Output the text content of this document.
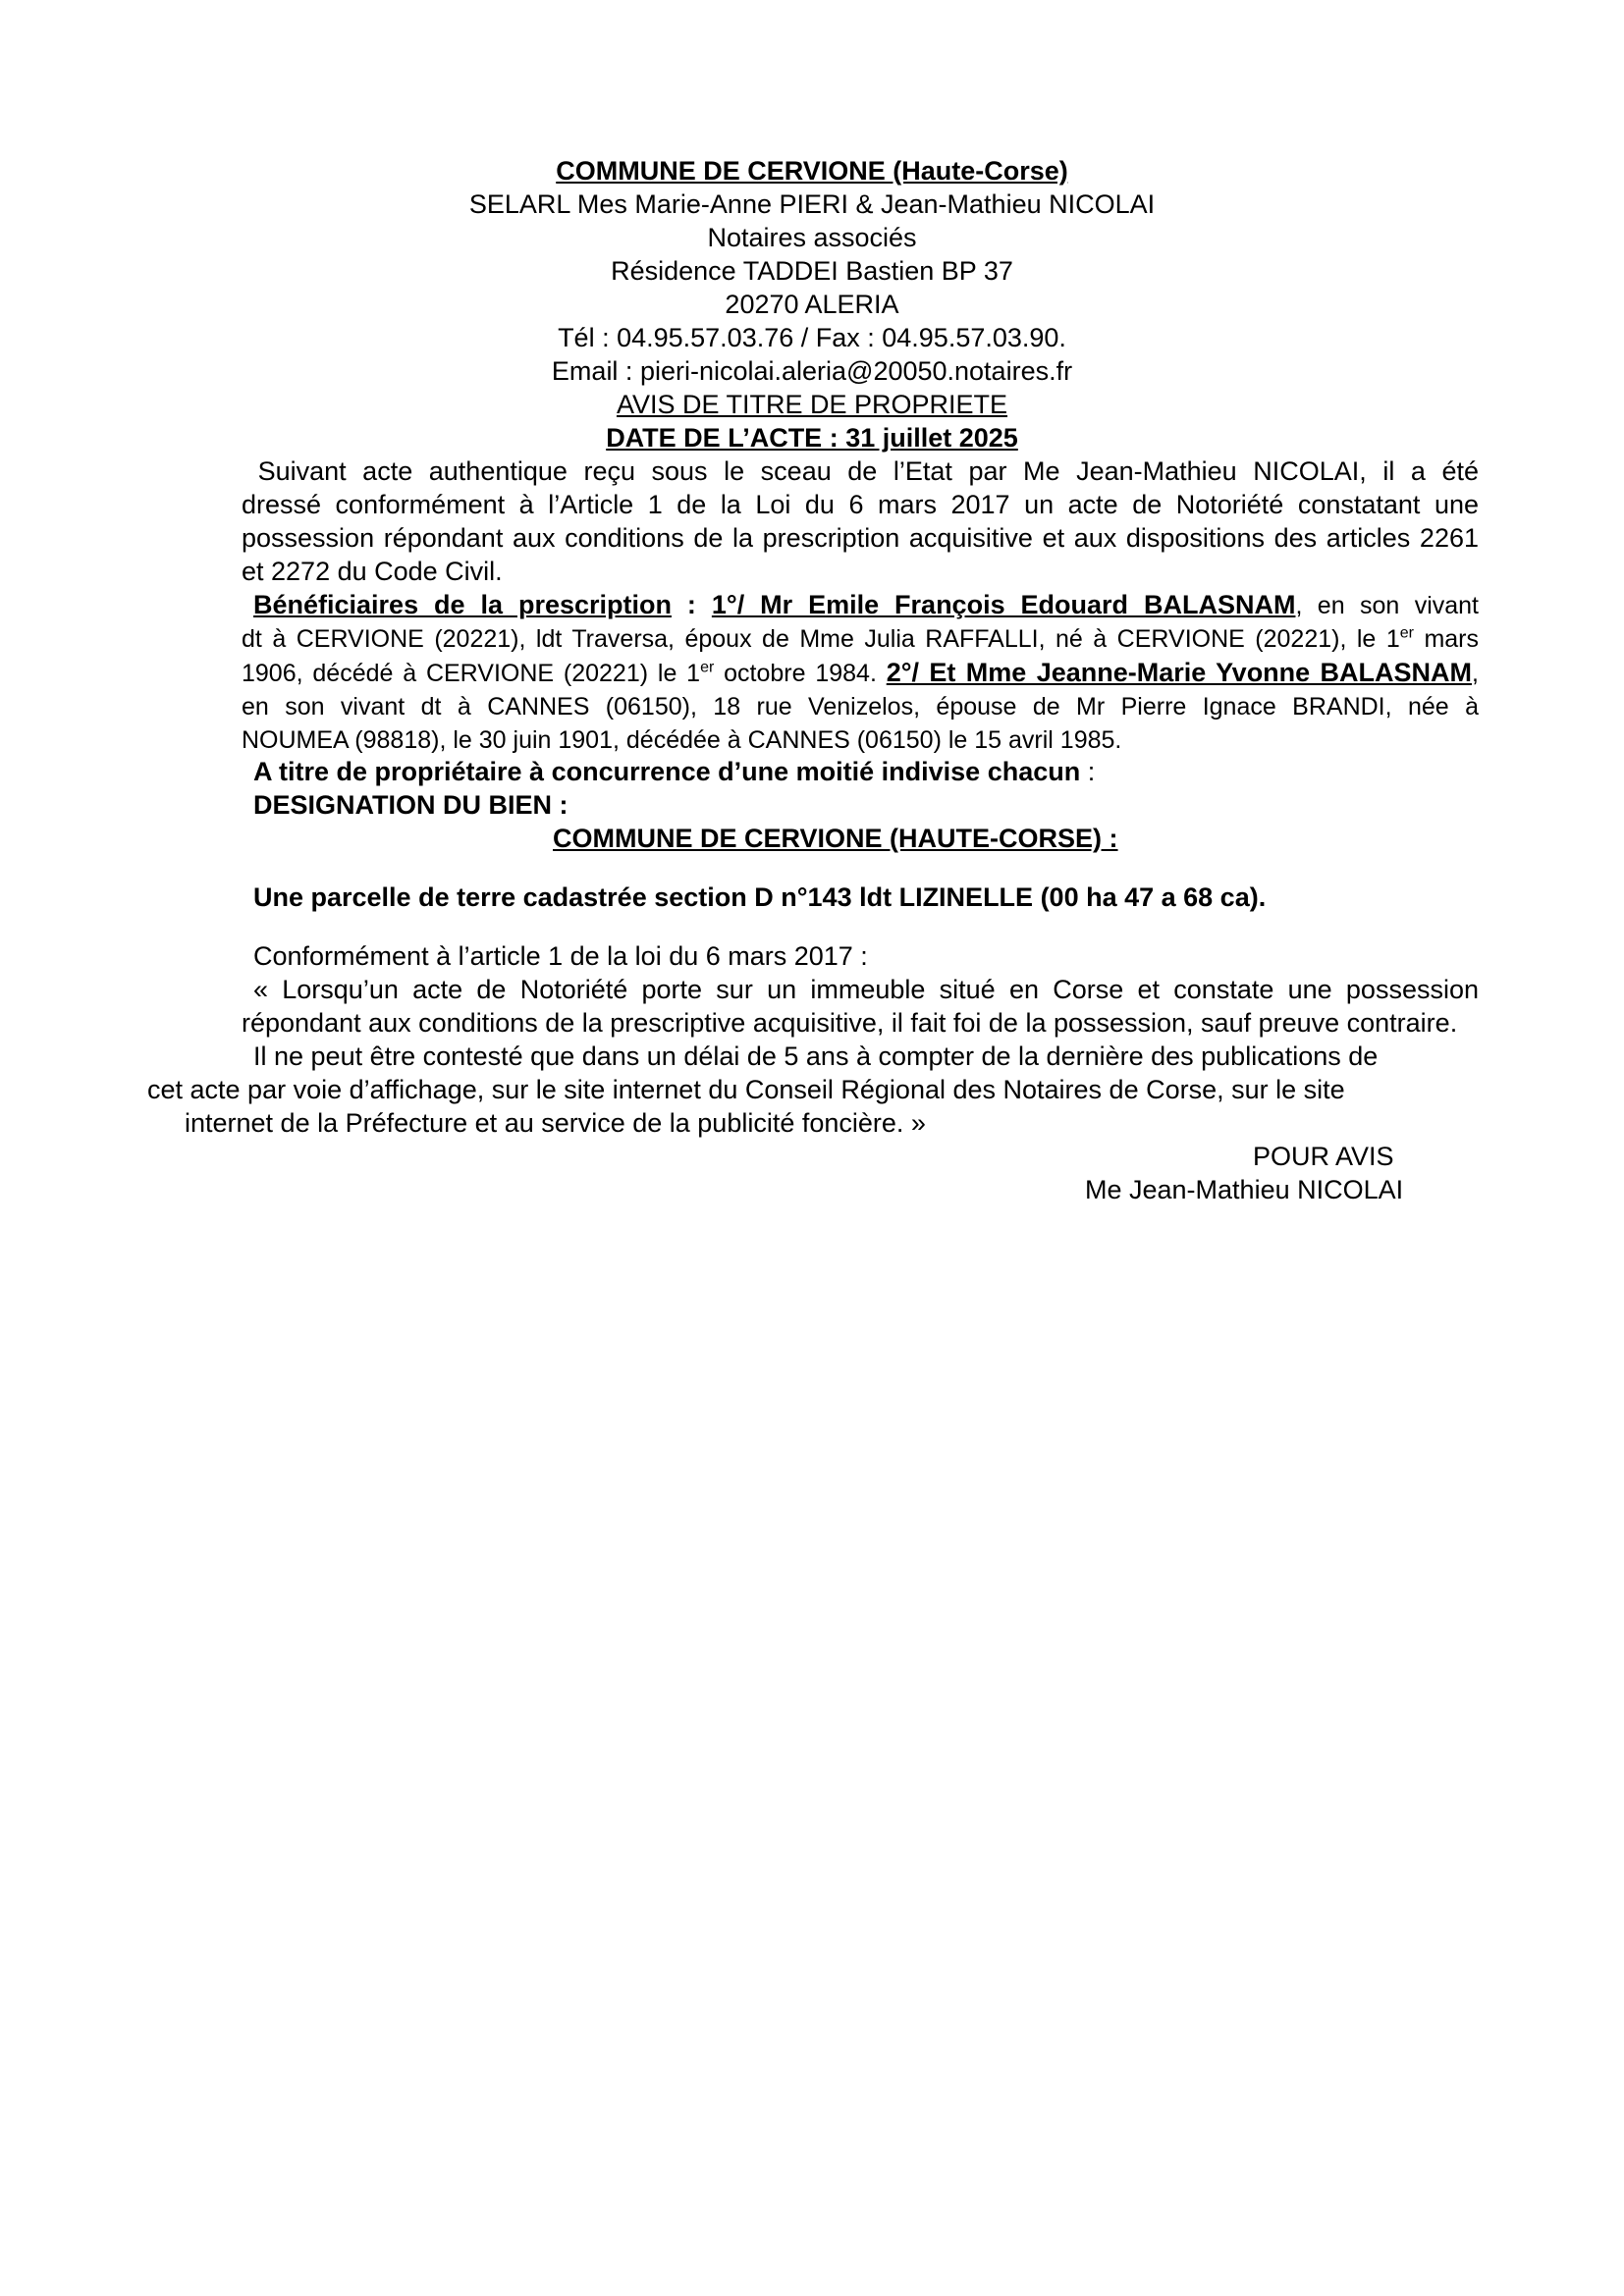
COMMUNE DE CERVIONE (Haute-Corse)
SELARL Mes Marie-Anne PIERI & Jean-Mathieu NICOLAI
Notaires associés
Résidence TADDEI Bastien BP 37
20270 ALERIA
Tél : 04.95.57.03.76 / Fax : 04.95.57.03.90.
Email : pieri-nicolai.aleria@20050.notaires.fr
AVIS DE TITRE DE PROPRIETE
DATE DE L’ACTE : 31 juillet 2025
Suivant acte authentique reçu sous le sceau de l’Etat par Me Jean-Mathieu NICOLAI, il a été
dressé conformément à l’Article 1 de la Loi du 6 mars 2017 un acte de Notoriété constatant une
possession répondant aux conditions de la prescription acquisitive et aux dispositions des articles 2261
et 2272 du Code Civil.
Bénéficiaires de la prescription : 1°/ Mr Emile François Edouard BALASNAM, en son vivant
dt à CERVIONE (20221), ldt Traversa, époux de Mme Julia RAFFALLI, né à CERVIONE (20221), le 1er mars
1906, décédé à CERVIONE (20221) le 1er octobre 1984. 2°/ Et Mme Jeanne-Marie Yvonne BALASNAM,
en son vivant dt à CANNES (06150), 18 rue Venizelos, épouse de Mr Pierre Ignace BRANDI, née à
NOUMEA (98818), le 30 juin 1901, décédée à CANNES (06150) le 15 avril 1985.
A titre de propriétaire à concurrence d’une moitié indivise chacun :
DESIGNATION DU BIEN :
COMMUNE DE CERVIONE (HAUTE-CORSE) :
Une parcelle de terre cadastrée section D n°143 ldt LIZINELLE (00 ha 47 a 68 ca).
Conformément à l’article 1 de la loi du 6 mars 2017 :
« Lorsqu’un acte de Notoriété porte sur un immeuble situé en Corse et constate une possession
répondant aux conditions de la prescriptive acquisitive, il fait foi de la possession, sauf preuve contraire.
Il ne peut être contesté que dans un délai de 5 ans à compter de la dernière des publications de
cet acte par voie d’affichage, sur le site internet du Conseil Régional des Notaires de Corse, sur le site
internet de la Préfecture et au service de la publicité foncière. »
POUR AVIS
Me Jean-Mathieu NICOLAI
